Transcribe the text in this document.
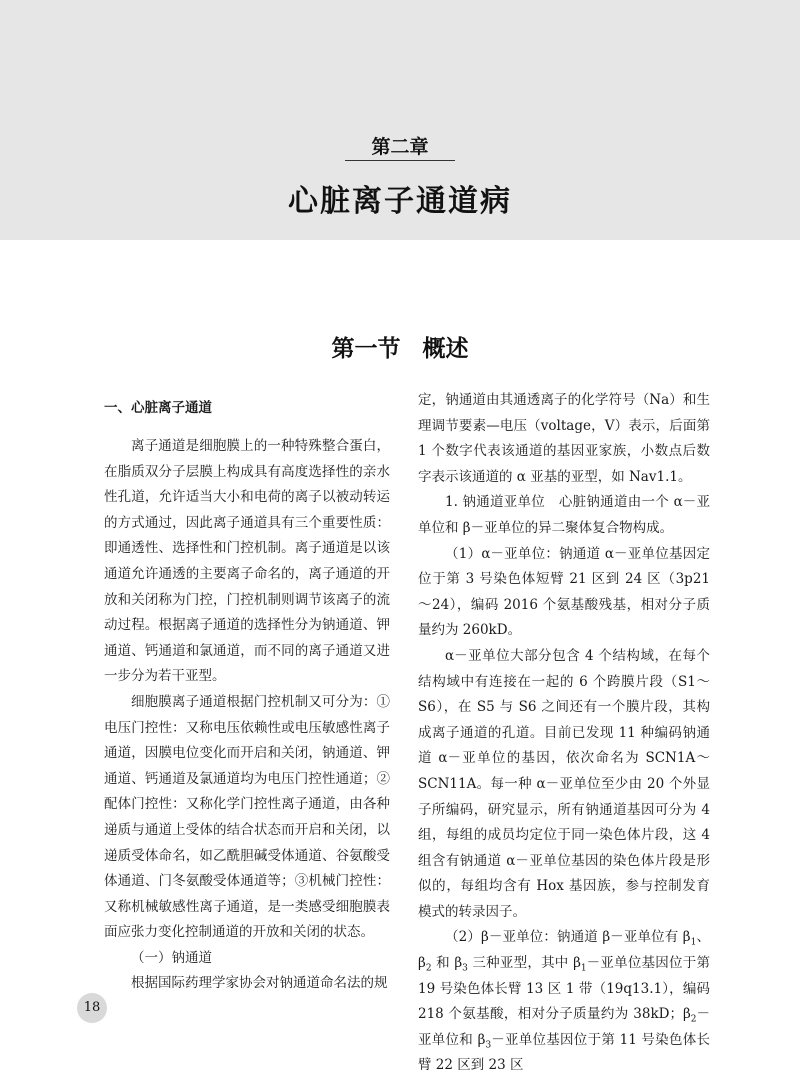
第二章
心脏离子通道病
第一节 概述
一、心脏离子通道

离子通道是细胞膜上的一种特殊整合蛋白，在脂质双分子层膜上构成具有高度选择性的亲水性孔道，允许适当大小和电荷的离子以被动转运的方式通过，因此离子通道具有三个重要性质：即通透性、选择性和门控机制。离子通道是以该通道允许通透的主要离子命名的，离子通道的开放和关闭称为门控，门控机制则调节该离子的流动过程。根据离子通道的选择性分为钠通道、钾通道、钙通道和氯通道，而不同的离子通道又进一步分为若干亚型。

细胞膜离子通道根据门控机制又可分为：①电压门控性：又称电压依赖性或电压敏感性离子通道，因膜电位变化而开启和关闭，钠通道、钾通道、钙通道及氯通道均为电压门控性通道；②配体门控性：又称化学门控性离子通道，由各种递质与通道上受体的结合状态而开启和关闭，以递质受体命名，如乙酰胆碱受体通道、谷氨酸受体通道、门冬氨酸受体通道等；③机械门控性：又称机械敏感性离子通道，是一类感受细胞膜表面应张力变化控制通道的开放和关闭的状态。

（一）钠通道

根据国际药理学家协会对钠通道命名法的规

定，钠通道由其通透离子的化学符号（Na）和生理调节要素—电压（voltage，V）表示，后面第 1 个数字代表该通道的基因亚家族，小数点后数字表示该通道的 α 亚基的亚型，如 Nav1.1。

1. 钠通道亚单位　心脏钠通道由一个 α－亚单位和 β－亚单位的异二聚体复合物构成。

（1）α－亚单位：钠通道 α－亚单位基因定位于第 3 号染色体短臂 21 区到 24 区（3p21～24），编码 2016 个氨基酸残基，相对分子质量约为 260kD。

α－亚单位大部分包含 4 个结构域，在每个结构域中有连接在一起的 6 个跨膜片段（S1～S6），在 S5 与 S6 之间还有一个膜片段，其构成离子通道的孔道。目前已发现 11 种编码钠通道 α－亚单位的基因，依次命名为 SCN1A～SCN11A。每一种 α－亚单位至少由 20 个外显子所编码，研究显示，所有钠通道基因可分为 4 组，每组的成员均定位于同一染色体片段，这 4 组含有钠通道 α－亚单位基因的染色体片段是形似的，每组均含有 Hox 基因族，参与控制发育模式的转录因子。

（2）β－亚单位：钠通道 β－亚单位有 $\beta_1$、$\beta_2$ 和 $\beta_3$ 三种亚型，其中 $\beta_1-$亚单位基因位于第 19 号染色体长臂 13 区 1 带（19q13.1），编码 218 个氨基酸，相对分子质量约为 38kD；$\beta_2-$亚单位和 $\beta_3-$亚单位基因位于第 11 号染色体长臂 22 区到 23 区

18
